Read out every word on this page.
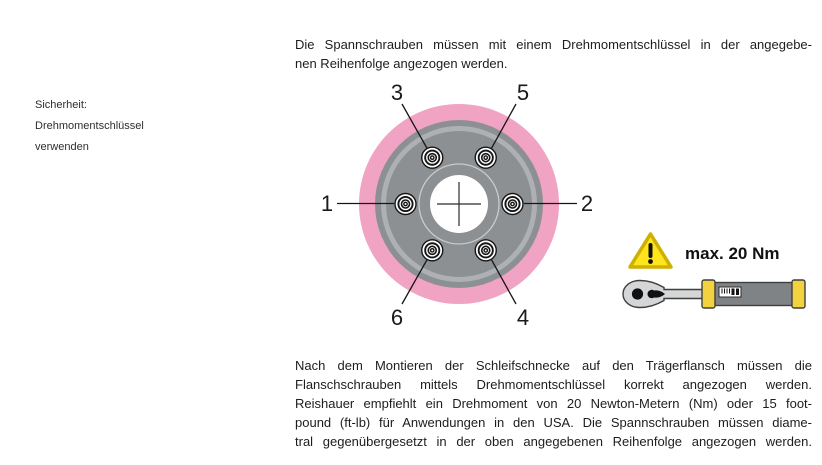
Sicherheit:
Drehmomentschlüssel
verwenden
Die Spannschrauben müssen mit einem Drehmomentschlüssel in der angegebe-
nen Reihenfolge angezogen werden.
1	2
3
4
5
6
max. 20 Nm
Nach dem Montieren der Schleifschnecke auf den Trägerflansch müssen die
Flanschschrauben mittels Drehmomentschlüssel korrekt angezogen werden.
Reishauer empfiehlt ein Drehmoment von 20 Newton-Metern (Nm) oder 15 foot-
pound (ft-lb) für Anwendungen in den USA. Die Spannschrauben müssen diame-
tral gegenübergesetzt in der oben angegebenen Reihenfolge angezogen werden.
